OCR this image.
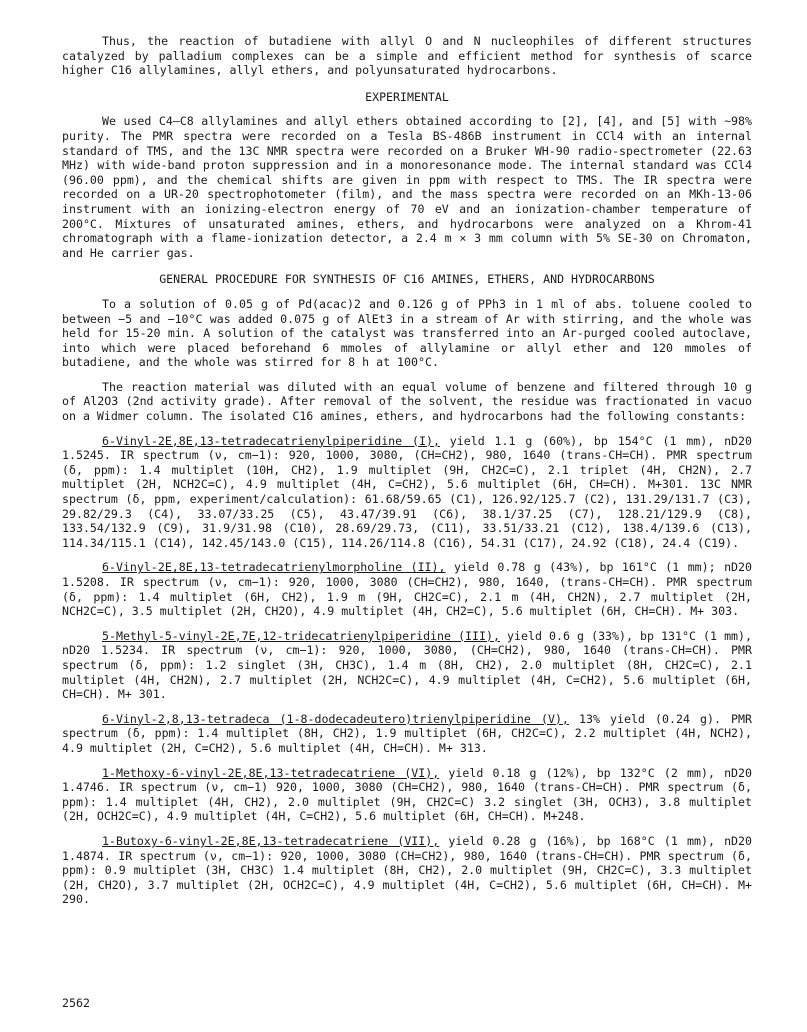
Thus, the reaction of butadiene with allyl O and N nucleophiles of different structures catalyzed by palladium complexes can be a simple and efficient method for synthesis of scarce higher C16 allylamines, allyl ethers, and polyunsaturated hydrocarbons.

EXPERIMENTAL

We used C4–C8 allylamines and allyl ethers obtained according to [2], [4], and [5] with ∼98% purity. The PMR spectra were recorded on a Tesla BS-486B instrument in CCl4 with an internal standard of TMS, and the 13C NMR spectra were recorded on a Bruker WH-90 radio-spectrometer (22.63 MHz) with wide-band proton suppression and in a monoresonance mode. The internal standard was CCl4 (96.00 ppm), and the chemical shifts are given in ppm with respect to TMS. The IR spectra were recorded on a UR-20 spectrophotometer (film), and the mass spectra were recorded on an MKh-13-06 instrument with an ionizing-electron energy of 70 eV and an ionization-chamber temperature of 200°C. Mixtures of unsaturated amines, ethers, and hydrocarbons were analyzed on a Khrom-41 chromatograph with a flame-ionization detector, a 2.4 m × 3 mm column with 5% SE-30 on Chromaton, and He carrier gas.

GENERAL PROCEDURE FOR SYNTHESIS OF C16 AMINES, ETHERS, AND HYDROCARBONS

To a solution of 0.05 g of Pd(acac)2 and 0.126 g of PPh3 in 1 ml of abs. toluene cooled to between −5 and −10°C was added 0.075 g of AlEt3 in a stream of Ar with stirring, and the whole was held for 15-20 min. A solution of the catalyst was transferred into an Ar-purged cooled autoclave, into which were placed beforehand 6 mmoles of allylamine or allyl ether and 120 mmoles of butadiene, and the whole was stirred for 8 h at 100°C.

The reaction material was diluted with an equal volume of benzene and filtered through 10 g of Al2O3 (2nd activity grade). After removal of the solvent, the residue was fractionated in vacuo on a Widmer column. The isolated C16 amines, ethers, and hydrocarbons had the following constants:

6-Vinyl-2E,8E,13-tetradecatrienylpiperidine (I), yield 1.1 g (60%), bp 154°C (1 mm), nD20 1.5245. IR spectrum (ν, cm−1): 920, 1000, 3080, (CH=CH2), 980, 1640 (trans-CH=CH). PMR spectrum (δ, ppm): 1.4 multiplet (10H, CH2), 1.9 multiplet (9H, CH2C=C), 2.1 triplet (4H, CH2N), 2.7 multiplet (2H, NCH2C=C), 4.9 multiplet (4H, C=CH2), 5.6 multiplet (6H, CH=CH). M+301. 13C NMR spectrum (δ, ppm, experiment/calculation): 61.68/59.65 (C1), 126.92/125.7 (C2), 131.29/131.7 (C3), 29.82/29.3 (C4), 33.07/33.25 (C5), 43.47/39.91 (C6), 38.1/37.25 (C7), 128.21/129.9 (C8), 133.54/132.9 (C9), 31.9/31.98 (C10), 28.69/29.73, (C11), 33.51/33.21 (C12), 138.4/139.6 (C13), 114.34/115.1 (C14), 142.45/143.0 (C15), 114.26/114.8 (C16), 54.31 (C17), 24.92 (C18), 24.4 (C19).

6-Vinyl-2E,8E,13-tetradecatrienylmorpholine (II), yield 0.78 g (43%), bp 161°C (1 mm); nD20 1.5208. IR spectrum (ν, cm−1): 920, 1000, 3080 (CH=CH2), 980, 1640, (trans-CH=CH). PMR spectrum (δ, ppm): 1.4 multiplet (6H, CH2), 1.9 m (9H, CH2C=C), 2.1 m (4H, CH2N), 2.7 multiplet (2H, NCH2C=C), 3.5 multiplet (2H, CH2O), 4.9 multiplet (4H, CH2=C), 5.6 multiplet (6H, CH=CH). M+ 303.

5-Methyl-5-vinyl-2E,7E,12-tridecatrienylpiperidine (III), yield 0.6 g (33%), bp 131°C (1 mm), nD20 1.5234. IR spectrum (ν, cm−1): 920, 1000, 3080, (CH=CH2), 980, 1640 (trans-CH=CH). PMR spectrum (δ, ppm): 1.2 singlet (3H, CH3C), 1.4 m (8H, CH2), 2.0 multiplet (8H, CH2C=C), 2.1 multiplet (4H, CH2N), 2.7 multiplet (2H, NCH2C=C), 4.9 multiplet (4H, C=CH2), 5.6 multiplet (6H, CH=CH). M+ 301.

6-Vinyl-2,8,13-tetradeca (1-8-dodecadeutero)trienylpiperidine (V), 13% yield (0.24 g). PMR spectrum (δ, ppm): 1.4 multiplet (8H, CH2), 1.9 multiplet (6H, CH2C=C), 2.2 multiplet (4H, NCH2), 4.9 multiplet (2H, C=CH2), 5.6 multiplet (4H, CH=CH). M+ 313.

1-Methoxy-6-vinyl-2E,8E,13-tetradecatriene (VI), yield 0.18 g (12%), bp 132°C (2 mm), nD20 1.4746. IR spectrum (ν, cm−1) 920, 1000, 3080 (CH=CH2), 980, 1640 (trans-CH=CH). PMR spectrum (δ, ppm): 1.4 multiplet (4H, CH2), 2.0 multiplet (9H, CH2C=C) 3.2 singlet (3H, OCH3), 3.8 multiplet (2H, OCH2C=C), 4.9 multiplet (4H, C=CH2), 5.6 multiplet (6H, CH=CH). M+248.

1-Butoxy-6-vinyl-2E,8E,13-tetradecatriene (VII), yield 0.28 g (16%), bp 168°C (1 mm), nD20 1.4874. IR spectrum (ν, cm−1): 920, 1000, 3080 (CH=CH2), 980, 1640 (trans-CH=CH). PMR spectrum (δ, ppm): 0.9 multiplet (3H, CH3C) 1.4 multiplet (8H, CH2), 2.0 multiplet (9H, CH2C=C), 3.3 multiplet (2H, CH2O), 3.7 multiplet (2H, OCH2C=C), 4.9 multiplet (4H, C=CH2), 5.6 multiplet (6H, CH=CH). M+ 290.

2562
